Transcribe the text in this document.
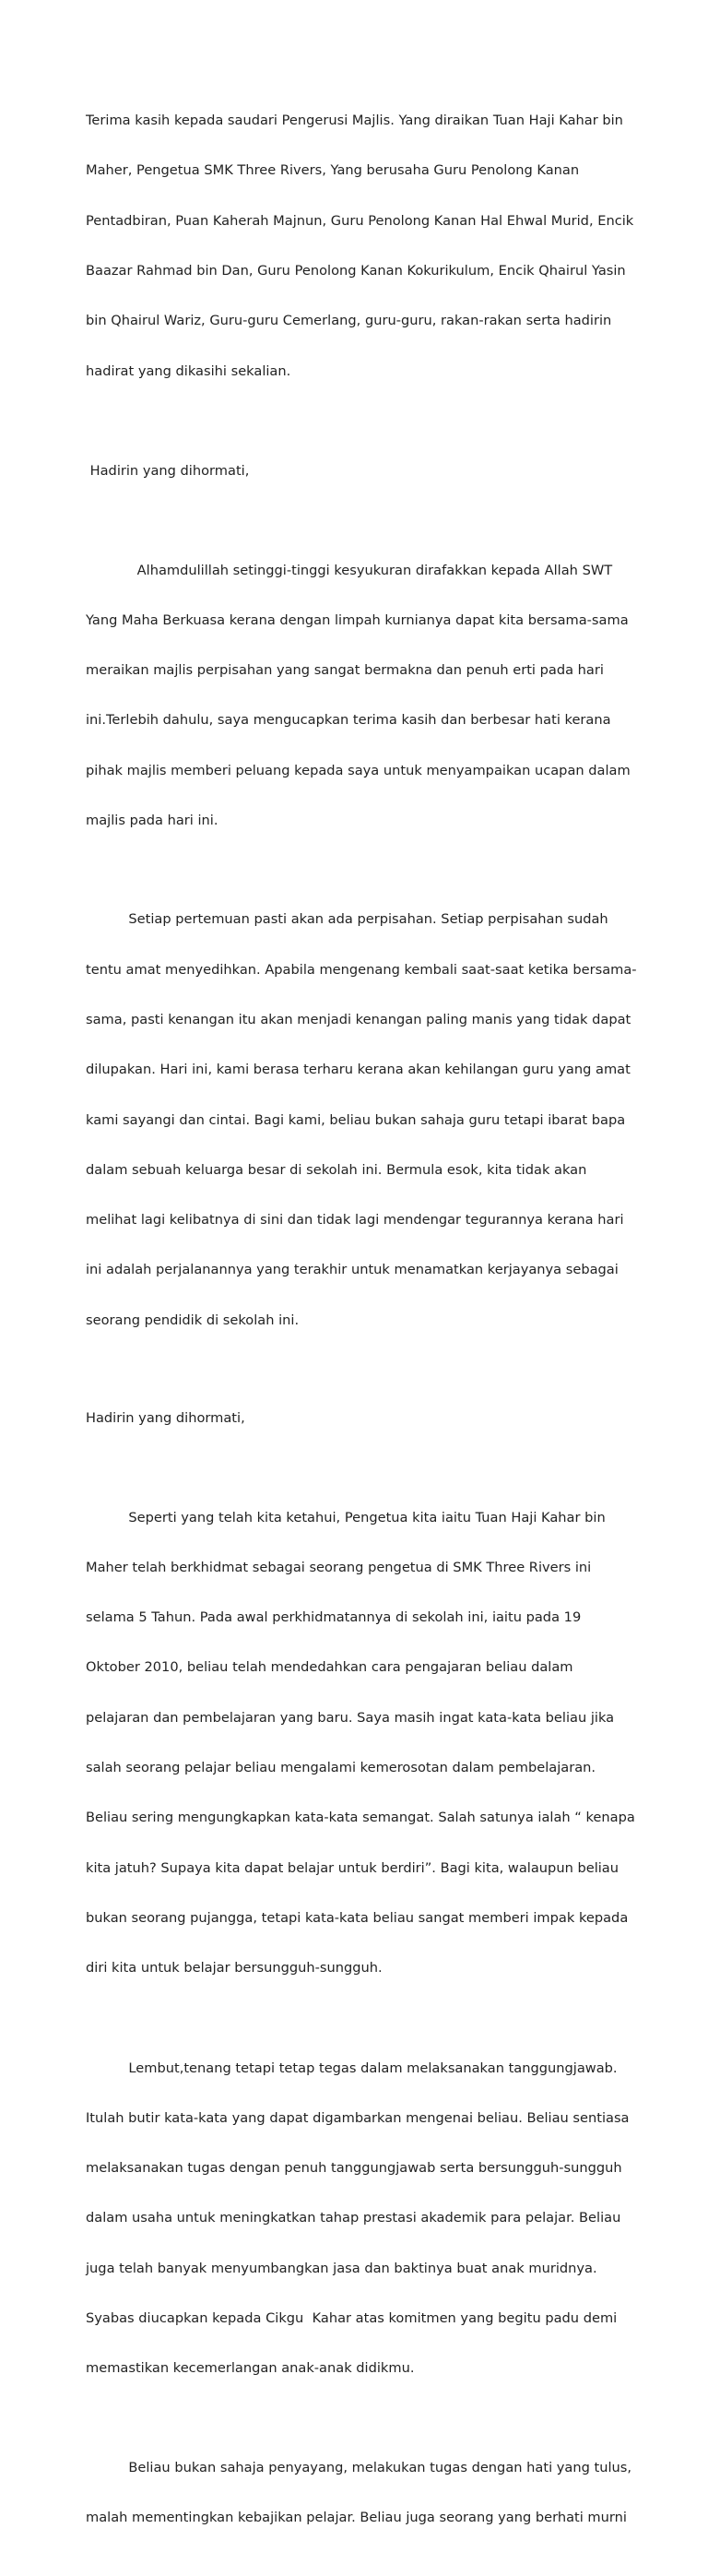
Terima kasih kepada saudari Pengerusi Majlis. Yang diraikan Tuan Haji Kahar bin

Maher, Pengetua SMK Three Rivers, Yang berusaha Guru Penolong Kanan

Pentadbiran, Puan Kaherah Majnun, Guru Penolong Kanan Hal Ehwal Murid, Encik

Baazar Rahmad bin Dan, Guru Penolong Kanan Kokurikulum, Encik Qhairul Yasin

bin Qhairul Wariz, Guru-guru Cemerlang, guru-guru, rakan-rakan serta hadirin

hadirat yang dikasihi sekalian.

Hadirin yang dihormati,

Alhamdulillah setinggi-tinggi kesyukuran dirafakkan kepada Allah SWT

Yang Maha Berkuasa kerana dengan limpah kurnianya dapat kita bersama-sama

meraikan majlis perpisahan yang sangat bermakna dan penuh erti pada hari

ini.Terlebih dahulu, saya mengucapkan terima kasih dan berbesar hati kerana

pihak majlis memberi peluang kepada saya untuk menyampaikan ucapan dalam

majlis pada hari ini.

Setiap pertemuan pasti akan ada perpisahan. Setiap perpisahan sudah

tentu amat menyedihkan. Apabila mengenang kembali saat-saat ketika bersama-

sama, pasti kenangan itu akan menjadi kenangan paling manis yang tidak dapat

dilupakan. Hari ini, kami berasa terharu kerana akan kehilangan guru yang amat

kami sayangi dan cintai. Bagi kami, beliau bukan sahaja guru tetapi ibarat bapa

dalam sebuah keluarga besar di sekolah ini. Bermula esok, kita tidak akan

melihat lagi kelibatnya di sini dan tidak lagi mendengar tegurannya kerana hari

ini adalah perjalanannya yang terakhir untuk menamatkan kerjayanya sebagai

seorang pendidik di sekolah ini.

Hadirin yang dihormati,

Seperti yang telah kita ketahui, Pengetua kita iaitu Tuan Haji Kahar bin

Maher telah berkhidmat sebagai seorang pengetua di SMK Three Rivers ini

selama 5 Tahun. Pada awal perkhidmatannya di sekolah ini, iaitu pada 19

Oktober 2010, beliau telah mendedahkan cara pengajaran beliau dalam

pelajaran dan pembelajaran yang baru. Saya masih ingat kata-kata beliau jika

salah seorang pelajar beliau mengalami kemerosotan dalam pembelajaran.

Beliau sering mengungkapkan kata-kata semangat. Salah satunya ialah “ kenapa

kita jatuh? Supaya kita dapat belajar untuk berdiri”. Bagi kita, walaupun beliau

bukan seorang pujangga, tetapi kata-kata beliau sangat memberi impak kepada

diri kita untuk belajar bersungguh-sungguh.

Lembut,tenang tetapi tetap tegas dalam melaksanakan tanggungjawab.

Itulah butir kata-kata yang dapat digambarkan mengenai beliau. Beliau sentiasa

melaksanakan tugas dengan penuh tanggungjawab serta bersungguh-sungguh

dalam usaha untuk meningkatkan tahap prestasi akademik para pelajar. Beliau

juga telah banyak menyumbangkan jasa dan baktinya buat anak muridnya.

Syabas diucapkan kepada Cikgu  Kahar atas komitmen yang begitu padu demi

memastikan kecemerlangan anak-anak didikmu.

Beliau bukan sahaja penyayang, melakukan tugas dengan hati yang tulus,

malah mementingkan kebajikan pelajar. Beliau juga seorang yang berhati murni
